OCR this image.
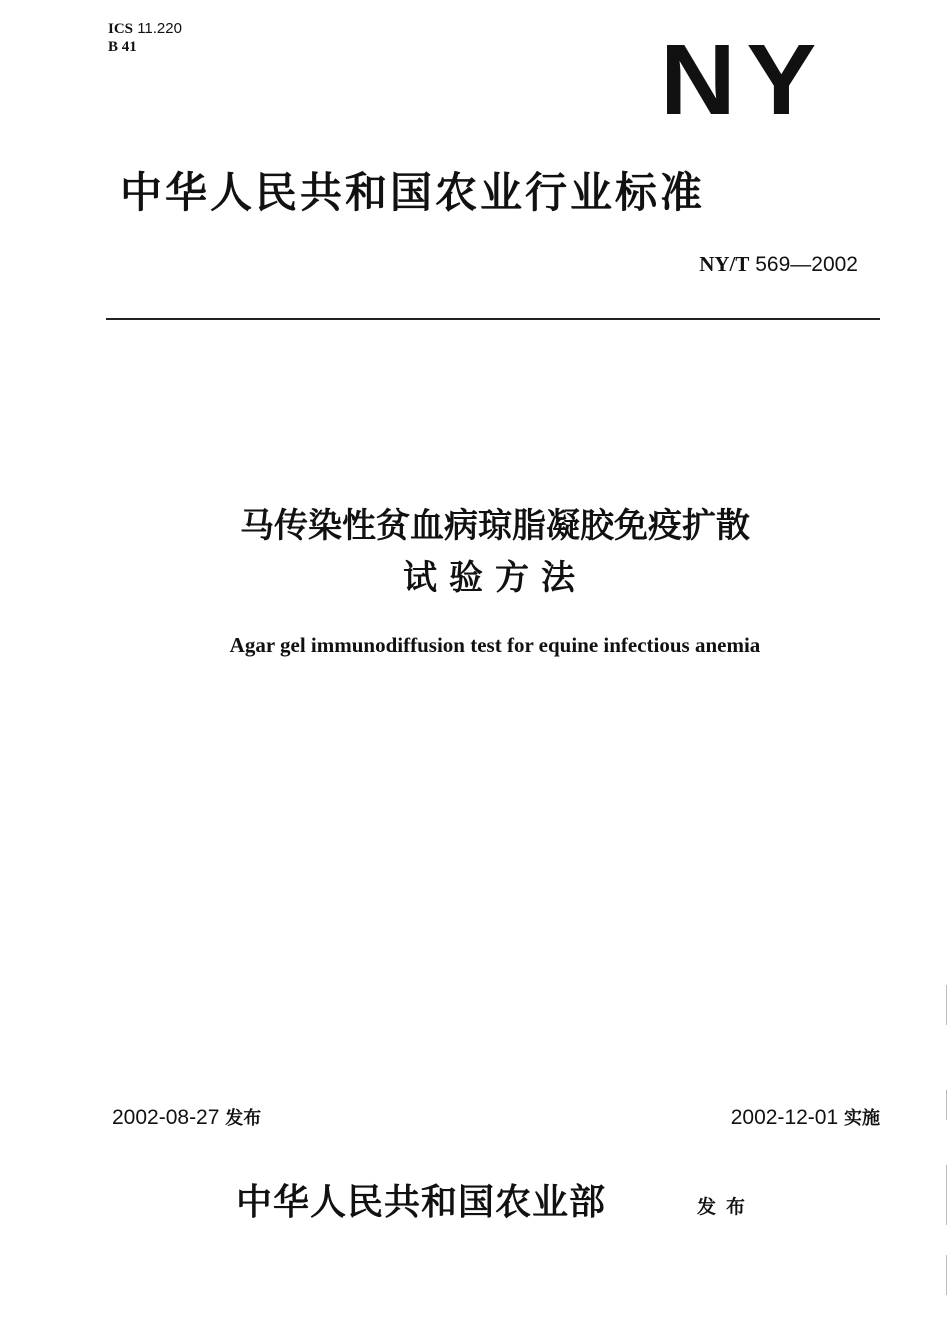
ICS 11.220
B 41	NY
中华人民共和国农业行业标准
NY/T 569—2002
马传染性贫血病琼脂凝胶免疫扩散
试验方法
Agar gel immunodiffusion test for equine infectious anemia
2002-08-27 发布	2002-12-01 实施
中华人民共和国农业部	发布
